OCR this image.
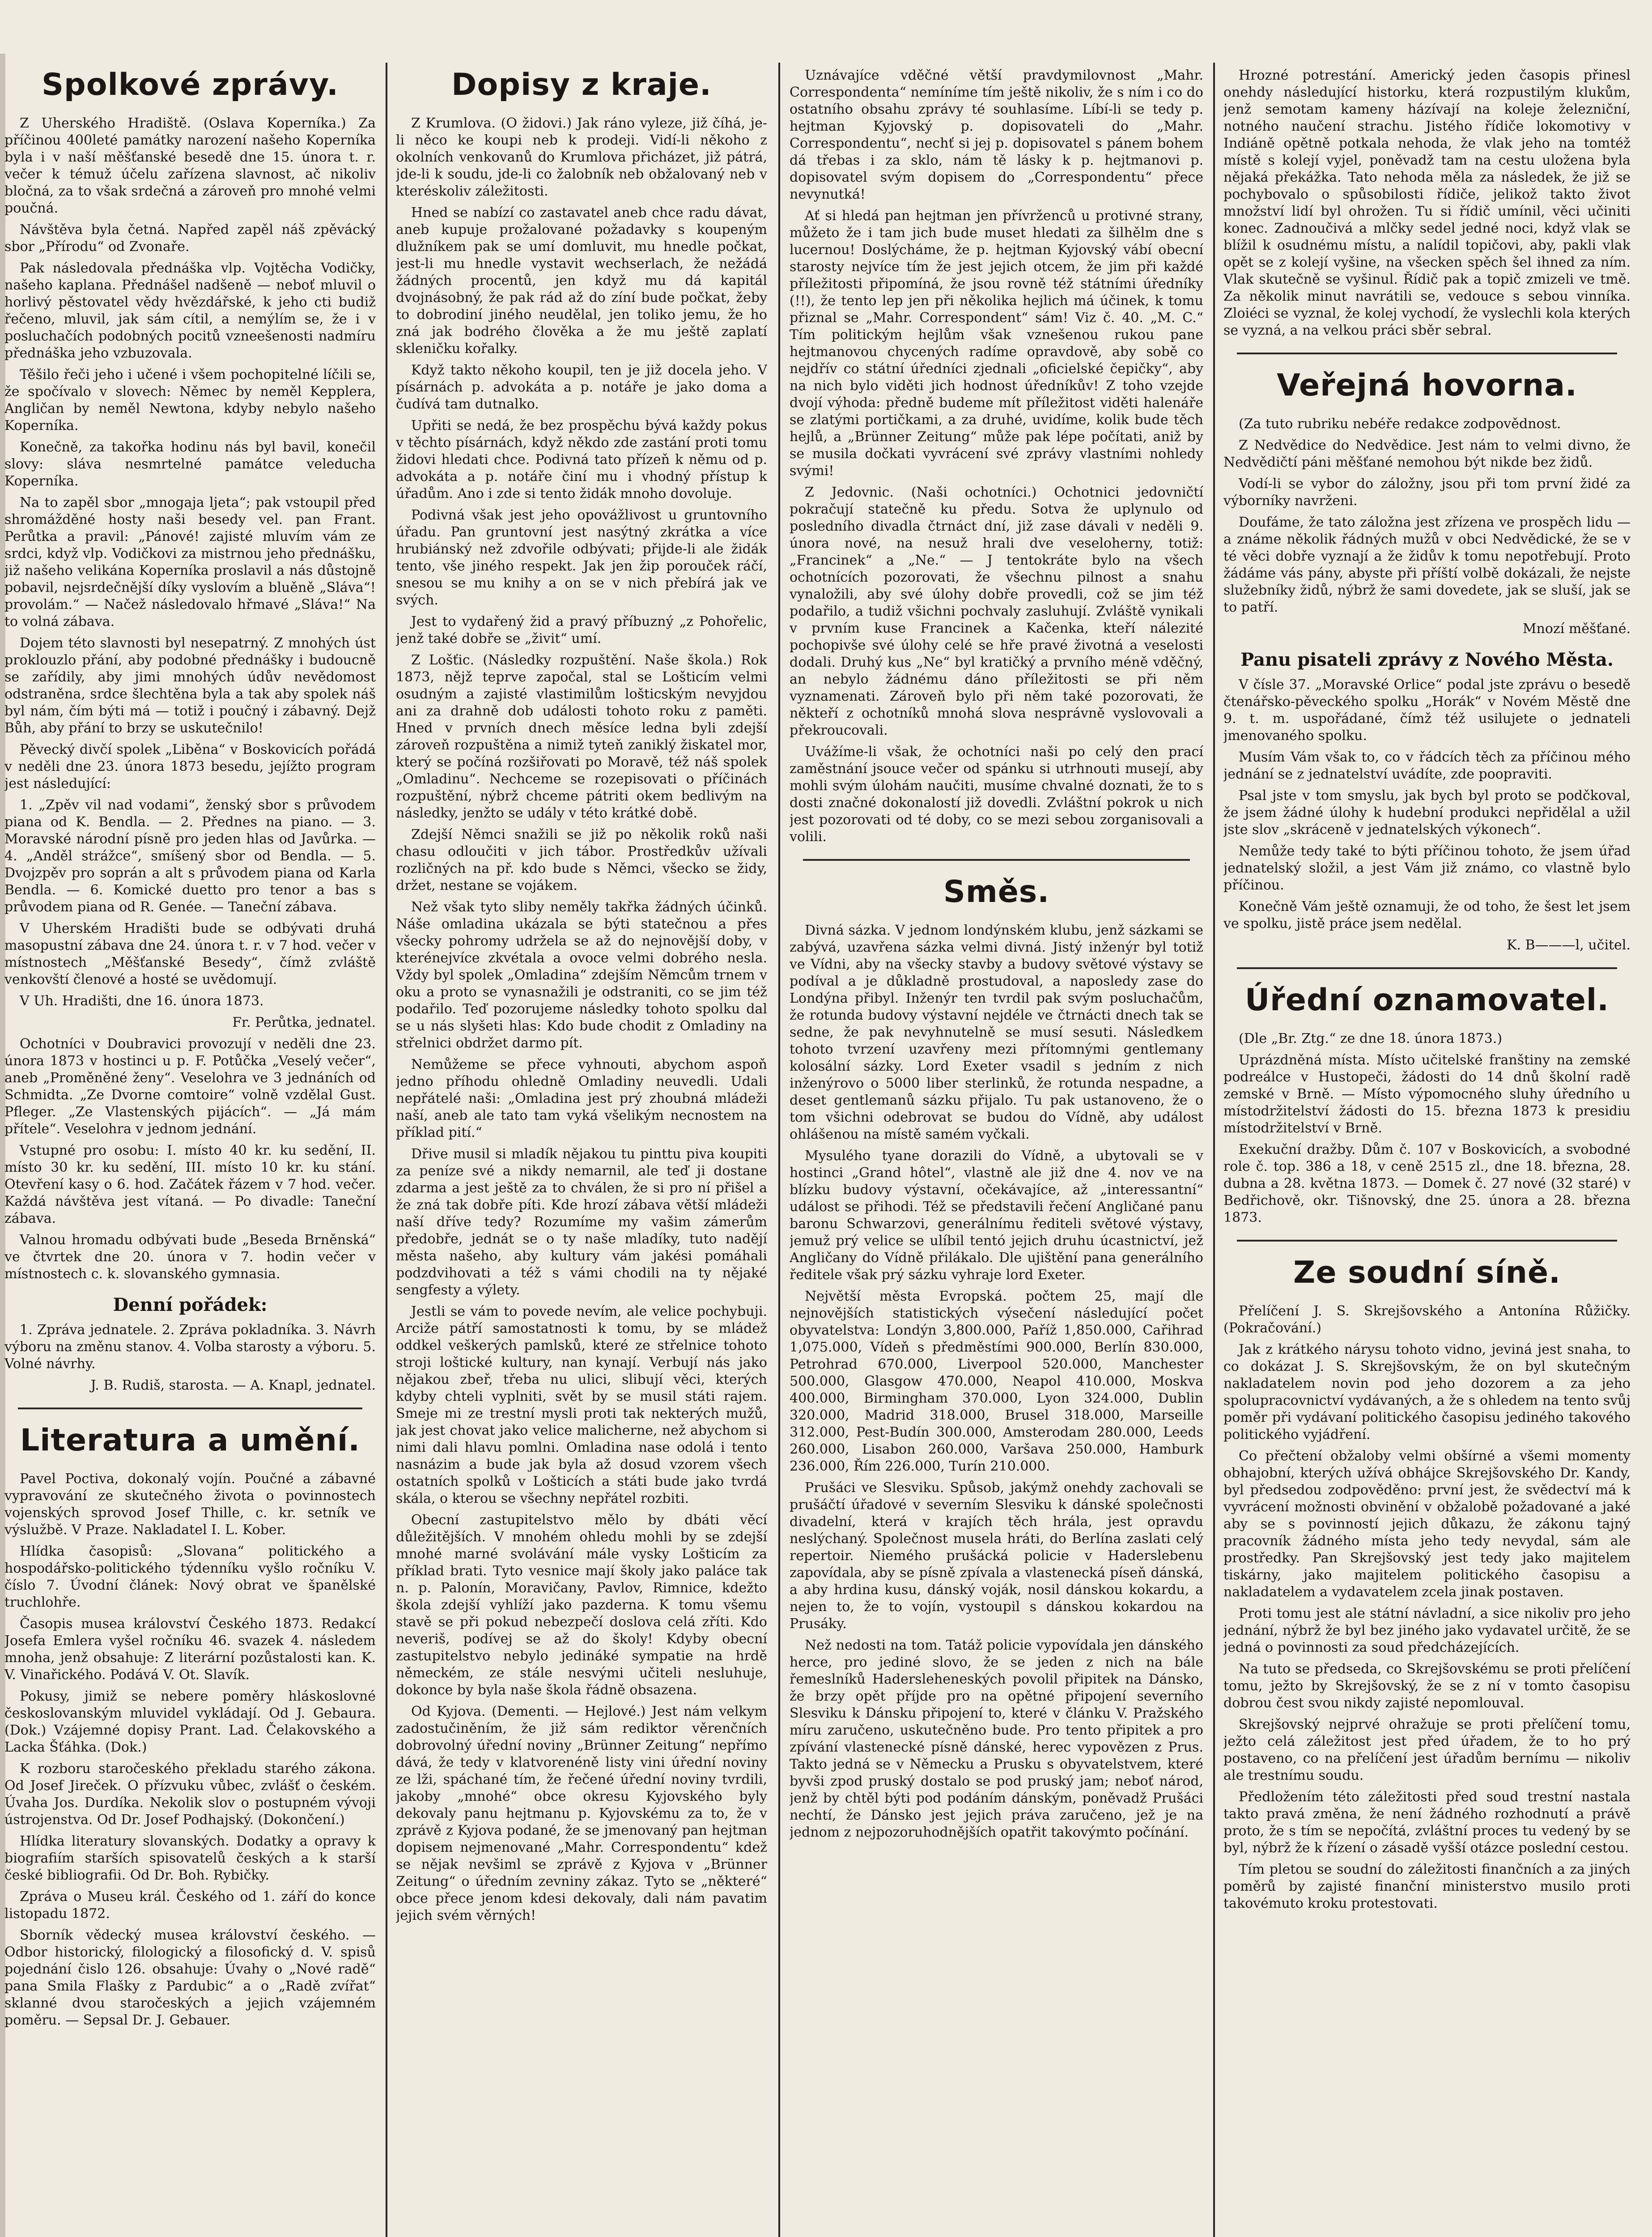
Spolkové zprávy.

Z Uherského Hradiště. (Oslava Koperníka.) Za příčinou 400leté památky narození našeho Koperníka byla i v naší měšťanské besedě dne 15. února t. r. večer k témuž účelu zařízena slavnost, ač nikoliv bločná, za to však srdečná a zároveň pro mnohé velmi poučná.

Návštěva byla četná. Napřed zapěl náš zpěvácký sbor „Přírodu“ od Zvonaře.

Pak následovala přednáška vlp. Vojtěcha Vodičky, našeho kaplana. Přednášel nadšeně — neboť mluvil o horlivý pěstovatel vědy hvězdářské, k jeho cti budiž řečeno, mluvil, jak sám cítil, a nemýlím se, že i v posluchačích podobných pocitů vzneešenosti nadmíru přednáška jeho vzbuzovala.

Těšilo řeči jeho i učené i všem pochopitelné líčili se, že spočívalo v slovech: Němec by neměl Kepplera, Angličan by neměl Newtona, kdyby nebylo našeho Koperníka.

Konečně, za takořka hodinu nás byl bavil, konečil slovy: sláva nesmrtelné památce veleducha Koperníka.

Na to zapěl sbor „mnogaja ljeta“; pak vstoupil před shromážděné hosty naši besedy vel. pan Frant. Perůtka a pravil: „Pánové! zajisté mluvím vám ze srdci, když vlp. Vodičkovi za mistrnou jeho přednášku, již našeho velikána Koperníka proslavil a nás důstojně pobavil, nejsrdečnější díky vyslovím a bluěně „Sláva“! provolám.“ — Načež následovalo hřmavé „Sláva!“ Na to volná zábava.

Dojem této slavnosti byl nesepatrný. Z mnohých úst proklouzlo přání, aby podobné přednášky i budoucně se zařídily, aby jimi mnohých údův nevědomost odstraněna, srdce šlechtěna byla a tak aby spolek náš byl nám, čím býti má — totiž i poučný i zábavný. Dejž Bůh, aby přání to brzy se uskutečnilo!

Pěvecký divčí spolek „Liběna“ v Boskovicích pořádá v neděli dne 23. února 1873 besedu, jejížto program jest následující:

1. „Zpěv vil nad vodami“, ženský sbor s průvodem piana od K. Bendla. — 2. Přednes na piano. — 3. Moravské národní písně pro jeden hlas od Javůrka. — 4. „Anděl strážce“, smíšený sbor od Bendla. — 5. Dvojzpěv pro soprán a alt s průvodem piana od Karla Bendla. — 6. Komické duetto pro tenor a bas s průvodem piana od R. Genée. — Taneční zábava.

V Uherském Hradišti bude se odbývati druhá masopustní zábava dne 24. února t. r. v 7 hod. večer v místnostech „Měšťanské Besedy“, čímž zvláště venkovští členové a hosté se uvědomují.

V Uh. Hradišti, dne 16. února 1873.

Fr. Perůtka, jednatel.

Ochotníci v Doubravici provozují v neděli dne 23. února 1873 v hostinci u p. F. Potůčka „Veselý večer“, aneb „Proměněné ženy“. Veselohra ve 3 jednáních od Schmidta. „Ze Dvorne comtoire“ volně vzdělal Gust. Pfleger. „Ze Vlastenských pijácích“. — „Já mám přítele“. Veselohra v jednom jednání.

Vstupné pro osobu: I. místo 40 kr. ku sedění, II. místo 30 kr. ku sedění, III. místo 10 kr. ku stání. Otevření kasy o 6. hod. Začátek řázem v 7 hod. večer. Každá návštěva jest vítaná. — Po divadle: Taneční zábava.

Valnou hromadu odbývati bude „Beseda Brněnská“ ve čtvrtek dne 20. února v 7. hodin večer v místnostech c. k. slovanského gymnasia.

Denní pořádek:

1. Zpráva jednatele. 2. Zpráva pokladníka. 3. Návrh výboru na změnu stanov. 4. Volba starosty a výboru. 5. Volné návrhy.

J. B. Rudiš, starosta. — A. Knapl, jednatel.
Literatura a umění.

Pavel Poctiva, dokonalý vojín. Poučné a zábavné vypravování ze skutečného života o povinnostech vojenských sprovod Josef Thille, c. kr. setník ve výslužbě. V Praze. Nakladatel I. L. Kober.

Hlídka časopisů: „Slovana“ politického a hospodářsko-politického týdenníku vyšlo ročníku V. číslo 7. Úvodní článek: Nový obrat ve španělské truchlohře.

Časopis musea království Českého 1873. Redakcí Josefa Emlera vyšel ročníku 46. svazek 4. následem mnoha, jenž obsahuje: Z literární pozůstalosti kan. K. V. Vinařického. Podává V. Ot. Slavík.

Pokusy, jimiž se nebere poměry hláskoslovné českoslovanským mluvidel vykládají. Od J. Gebaura. (Dok.) Vzájemné dopisy Prant. Lad. Čelakovského a Lacka Šťáhka. (Dok.)

K rozboru staročeského překladu starého zákona. Od Josef Jireček. O přízvuku vůbec, zvlášť o českém. Úvaha Jos. Durdíka. Nekolik slov o postupném vývoji ústrojenstva. Od Dr. Josef Podhajský. (Dokončení.)

Hlídka literatury slovanských. Dodatky a opravy k biografiím starších spisovatelů českých a k starší české bibliografii. Od Dr. Boh. Rybičky.

Zpráva o Museu král. Českého od 1. září do konce listopadu 1872.

Sborník vědecký musea království českého. — Odbor historický, filologický a filosofický d. V. spisů pojednání čislo 126. obsahuje: Úvahy o „Nové radě“ pana Smila Flašky z Pardubic“ a o „Radě zvířat“ sklanné dvou staročeských a jejich vzájemném poměru. — Sepsal Dr. J. Gebauer.

Dopisy z kraje.

Z Krumlova. (O židovi.) Jak ráno vyleze, již číhá, je-li něco ke koupi neb k prodeji. Vidí-li někoho z okolních venkovanů do Krumlova přicházet, již pátrá, jde-li k soudu, jde-li co žalobník neb obžalovaný neb v kteréskoliv záležitosti.

Hned se nabízí co zastavatel aneb chce radu dávat, aneb kupuje prožalované požadavky s koupeným dlužníkem pak se umí domluvit, mu hnedle počkat, jest-li mu hnedle vystavit wechserlach, že nežádá žádných procentů, jen když mu dá kapitál dvojnásobný, že pak rád až do zíní bude počkat, žeby to dobrodiní jiného neudělal, jen toliko jemu, že ho zná jak bodrého člověka a že mu ještě zaplatí skleničku kořalky.

Když takto někoho koupil, ten je již docela jeho. V písárnách p. advokáta a p. notáře je jako doma a čudívá tam dutnalko.

Upřiti se nedá, že bez prospěchu bývá každy pokus v těchto písárnách, když někdo zde zastání proti tomu židovi hledati chce. Podivná tato přízeň k němu od p. advokáta a p. notáře činí mu i vhodný přístup k úřadům. Ano i zde si tento židák mnoho dovoluje.

Podivná však jest jeho opovážlivost u gruntovního úřadu. Pan gruntovní jest nasýtný zkrátka a více hrubiánský než zdvořile odbývati; přijde-li ale židák tento, vše jiného respekt. Jak jen žip porouček ráčí, snesou se mu knihy a on se v nich přebírá jak ve svých.

Jest to vydařený žid a pravý příbuzný „z Pohořelic, jenž také dobře se „živit“ umí.

Z Lošťic. (Následky rozpuštění. Naše škola.) Rok 1873, nějž teprve započal, stal se Lošticím velmi osudným a zajisté vlastimilům lošticským nevyjdou ani za drahně dob události tohoto roku z paměti. Hned v prvních dnech měsíce ledna byli zdejší zároveň rozpuštěna a nimiž tyteň zaniklý žiskatel mor, který se počíná rozšiřovati po Moravě, též náš spolek „Omladinu“. Nechceme se rozepisovati o příčinách rozpuštění, nýbrž chceme pátriti okem bedlivým na následky, jenžto se udály v této krátké době.

Zdejší Němci snažili se již po několik roků naši chasu odloučiti v jich tábor. Prostředkův užívali rozličných na př. kdo bude s Němci, všecko se židy, držet, nestane se vojákem.

Než však tyto sliby neměly takřka žádných účinků. Náše omladina ukázala se býti statečnou a přes všecky pohromy udržela se až do nejnovější doby, v kterénejvíce zkvétala a ovoce velmi dobrého nesla. Vždy byl spolek „Omladina“ zdejším Němcům trnem v oku a proto se vynasnažili je odstraniti, co se jim též podařilo. Teď pozorujeme následky tohoto spolku dal se u nás slyšeti hlas: Kdo bude chodit z Omladiny na střelnici obdržet darmo pít.

Nemůžeme se přece vyhnouti, abychom aspoň jedno příhodu ohledně Omladiny neuvedli. Udali nepřátelé naši: „Omladina jest prý zhoubná mládeži naší, aneb ale tato tam vyká všelikým necnostem na příklad pití.“

Dřive musil si mladík nějakou tu pinttu piva koupiti za peníze své a nikdy nemarnil, ale teď ji dostane zdarma a jest ještě za to chválen, že si pro ní přišel a že zná tak dobře píti. Kde hrozí zábava větší mládeži naší dříve tedy? Rozumíme my vašim zámerům předobře, jednát se o ty naše mladíky, tuto nadějí města našeho, aby kultury vám jakési pomáhali podzdvihovati a též s vámi chodili na ty nějaké sengfesty a výlety.

Jestli se vám to povede nevím, ale velice pochybuji. Arciže pátří samostatnosti k tomu, by se mládež oddkel veškerých pamlsků, které ze střelnice tohoto stroji loštické kultury, nan kynají. Verbují nás jako nějakou zbeř, třeba nu ulici, slibují věci, kterých kdyby chteli vyplniti, svět by se musil státi rajem. Smeje mi ze trestní mysli proti tak nekterých mužů, jak jest chovat jako velice malicherne, než abychom si nimi dali hlavu pomlni. Omladina nase odolá i tento nasnázim a bude jak byla až dosud vzorem všech ostatních spolků v Lošticích a státi bude jako tvrdá skála, o kterou se všechny nepřátel rozbiti.

Obecní zastupitelstvo mělo by dbáti věcí důležitějších. V mnohém ohledu mohli by se zdejší mnohé marné svolávání mále vysky Lošticím za příklad brati. Tyto vesnice mají školy jako paláce tak n. p. Palonín, Moravičany, Pavlov, Rimnice, kdežto škola zdejší vyhlíží jako pazderna. K tomu všemu stavě se při pokud nebezpečí doslova celá zříti. Kdo neveriš, podívej se až do školy! Kdyby obecní zastupitelstvo nebylo jedináké sympatie na hrdě německém, ze stále nesvými učiteli nesluhuje, dokonce by byla naše škola řádně obsazena.

Od Kyjova. (Dementi. — Hejlové.) Jest nám velkym zadostučiněním, že již sám rediktor věrenčních dobrovolný úřední noviny „Brünner Zeitung“ nepřímo dává, že tedy v klatvorenéně listy vini úřední noviny ze lži, spáchané tím, že řečené úřední noviny tvrdili, jakoby „mnohé“ obce okresu Kyjovského byly dekovaly panu hejtmanu p. Kyjovskému za to, že v zprávě z Kyjova podané, že se jmenovaný pan hejtman dopisem nejmenované „Mahr. Correspondentu“ kdež se nějak nevšiml se zprávě z Kyjova v „Brünner Zeitung“ o úředním zevniny zákaz. Tyto se „některé“ obce přece jenom kdesi dekovaly, dali nám pavatim jejich svém věrných!

Uznávajíce vděčné větší pravdymilovnost „Mahr. Correspondenta“ nemíníme tím ještě nikoliv, že s ním i co do ostatního obsahu zprávy té souhlasíme. Líbí-li se tedy p. hejtman Kyjovský p. dopisovateli do „Mahr. Correspondentu“, nechť si jej p. dopisovatel s pánem bohem dá třebas i za sklo, nám tě lásky k p. hejtmanovi p. dopisovatel svým dopisem do „Correspondentu“ přece nevynutká!

Ať si hledá pan hejtman jen přívrženců u protivné strany, můžeto že i tam jich bude muset hledati za šilhělm dne s lucernou! Doslýcháme, že p. hejtman Kyjovský vábí obecní starosty nejvíce tím že jest jejich otcem, že jim při každé příležitosti připomíná, že jsou rovně též státními úředníky (!!), že tento lep jen při několika hejlich má účinek, k tomu přiznal se „Mahr. Correspondent“ sám! Viz č. 40. „M. C.“ Tím politickým hejlům však vznešenou rukou pane hejtmanovou chycených radíme opravdově, aby sobě co nejdřív co státní úředníci zjednali „oficielské čepičky“, aby na nich bylo viděti jich hodnost úředníkův! Z toho vzejde dvojí výhoda: předně budeme mít příležitost viděti halenáře se zlatými portičkami, a za druhé, uvidíme, kolik bude těch hejlů, a „Brünner Zeitung“ může pak lépe počítati, aniž by se musila dočkati vyvrácení své zprávy vlastními nohledy svými!

Z Jedovnic. (Naši ochotníci.) Ochotnici jedovničtí pokračují statečně ku předu. Sotva že uplynulo od posledního divadla čtrnáct dní, již zase dávali v neděli 9. února nové, na nesuž hrali dve veseloherny, totiž: „Francinek“ a „Ne.“ — J tentokráte bylo na všech ochotnících pozorovati, že všechnu pilnost a snahu vynaložili, aby své úlohy dobře provedli, což se jim též podařilo, a tudiž všichni pochvaly zasluhují. Zvláště vynikali v prvním kuse Francinek a Kačenka, kteří nálezité pochopivše své úlohy celé se hře pravé životná a veselosti dodali. Druhý kus „Ne“ byl kratičký a prvního méně vděčný, an nebylo žádnému dáno příležitosti se při něm vyznamenati. Zároveň bylo při něm také pozorovati, že někteří z ochotníků mnohá slova nesprávně vyslovovali a překroucovali.

Uvážíme-li však, že ochotníci naši po celý den prací zaměstnání jsouce večer od spánku si utrhnouti musejí, aby mohli svým úlohám naučiti, musíme chvalné doznati, že to s dosti značné dokonalostí již dovedli. Zvláštní pokrok u nich jest pozorovati od té doby, co se mezi sebou zorganisovali a volili.

Směs.

Divná sázka. V jednom londýnském klubu, jenž sázkami se zabývá, uzavřena sázka velmi divná. Jistý inženýr byl totiž ve Vídni, aby na všecky stavby a budovy světové výstavy se podíval a je důkladně prostudoval, a naposledy zase do Londýna přibyl. Inženýr ten tvrdil pak svým posluchačům, že rotunda budovy výstavní nejdéle ve čtrnácti dnech tak se sedne, že pak nevyhnutelně se musí sesuti. Následkem tohoto tvrzení uzavřeny mezi přítomnými gentlemany kolosální sázky. Lord Exeter vsadil s jedním z nich inženýrovo o 5000 liber sterlinků, že rotunda nespadne, a deset gentlemanů sázku přijalo. Tu pak ustanoveno, že o tom všichni odebrovat se budou do Vídně, aby událost ohlášenou na místě samém vyčkali.

Mysulého tyane dorazili do Vídně, a ubytovali se v hostinci „Grand hôtel“, vlastně ale již dne 4. nov ve na blízku budovy výstavní, očekávajíce, až „interessantní“ událost se přihodi. Též se představili řečení Angličané panu baronu Schwarzovi, generálnímu řediteli světové výstavy, jemuž prý velice se ulíbil tentó jejich druhu úcastnictví, jež Angličany do Vídně přilákalo. Dle ujištění pana generálního ředitele však prý sázku vyhraje lord Exeter.

Největší města Evropská. počtem 25, mají dle nejnovějších statistických výsečení následující počet obyvatelstva: Londýn 3,800.000, Paříž 1,850.000, Cařihrad 1,075.000, Vídeň s předměstími 900.000, Berlín 830.000, Petrohrad 670.000, Liverpool 520.000, Manchester 500.000, Glasgow 470.000, Neapol 410.000, Moskva 400.000, Birmingham 370.000, Lyon 324.000, Dublin 320.000, Madrid 318.000, Brusel 318.000, Marseille 312.000, Pest-Budín 300.000, Amsterodam 280.000, Leeds 260.000, Lisabon 260.000, Varšava 250.000, Hamburk 236.000, Řím 226.000, Turín 210.000.

Prušáci ve Slesviku. Spůsob, jakýmž onehdy zachovali se prušáčtí úřadové v severním Slesviku k dánské společnosti divadelní, která v krajích těch hrála, jest opravdu neslýchaný. Společnost musela hráti, do Berlína zaslati celý repertoir. Niemého prušácká policie v Haderslebenu zapovídala, aby se písně zpívala a vlastenecká píseň dánská, a aby hrdina kusu, dánský voják, nosil dánskou kokardu, a nejen to, že to vojín, vystoupil s dánskou kokardou na Prusáky.

Než nedosti na tom. Tatáž policie vypovídala jen dánského herce, pro jediné slovo, že se jeden z nich na bále řemeslníků Hadersleheneských povolil připitek na Dánsko, že brzy opět příjde pro na opětné připojení severního Slesviku k Dánsku připojení to, které v článku V. Pražského míru zaručeno, uskutečněno bude. Pro tento připitek a pro zpívání vlastenecké písně dánské, herec vypovězen z Prus. Takto jedná se v Německu a Prusku s obyvatelstvem, které byvši zpod pruský dostalo se pod pruský jam; neboť národ, jenž by chtěl býti pod podáním dánským, poněvadž Prušáci nechtí, že Dánsko jest jejich práva zaručeno, jež je na jednom z nejpozoruhodnějších opatřit takovýmto počínání.

Hrozné potrestání. Americký jeden časopis přinesl onehdy následující historku, která rozpustilým klukům, jenž semotam kameny házívají na koleje železniční, notného naučení strachu. Jistého řídiče lokomotivy v Indiáně opětně potkala nehoda, že vlak jeho na tomtéž místě s kolejí vyjel, poněvadž tam na cestu uložena byla nějaká překážka. Tato nehoda měla za následek, že již se pochybovalo o spůsobilosti řídiče, jelikož takto život množství lidí byl ohrožen. Tu si řídič umínil, věci učiniti konec. Zadnoučivá a mlčky sedel jedné noci, když vlak se blížil k osudnému místu, a nalídil topičovi, aby, pakli vlak opět se z kolejí vyšine, na všecken spěch šel ihned za ním. Vlak skutečně se vyšinul. Řídič pak a topič zmizeli ve tmě. Za několik minut navrátili se, vedouce s sebou vinníka. Zloiéci se vyznal, že kolej vychodí, že vyslechli kola kterých se vyzná, a na velkou práci sběr sebral.

Veřejná hovorna.

(Za tuto rubriku nebéře redakce zodpovědnost.

Z Nedvědice do Nedvědice. Jest nám to velmi divno, že Nedvědičtí páni měšťané nemohou být nikde bez židů.

Vodí-li se vybor do záložny, jsou při tom první židé za výborníky navrženi.

Doufáme, že tato záložna jest zřízena ve prospěch lidu — a známe několik řádných mužů v obci Nedvědické, že se v té věci dobře vyznají a že židův k tomu nepotřebují. Proto žádáme vás pány, abyste při příští volbě dokázali, že nejste služebníky židů, nýbrž že sami dovedete, jak se sluší, jak se to patří.

Mnozí měšťané.
Panu pisateli zprávy z Nového Města.

V čísle 37. „Moravské Orlice“ podal jste zprávu o besedě čtenářsko-pěveckého spolku „Horák“ v Novém Městě dne 9. t. m. uspořádané, čímž též usilujete o jednateli jmenovaného spolku.

Musím Vám však to, co v řádcích těch za příčinou mého jednání se z jednatelství uvádíte, zde poopraviti.

Psal jste v tom smyslu, jak bych byl proto se podčkoval, že jsem žádné úlohy k hudební produkci nepřidělal a užil jste slov „skráceně v jednatelských výkonech“.

Nemůže tedy také to býti příčinou tohoto, že jsem úřad jednatelský složil, a jest Vám již známo, co vlastně bylo příčinou.

Konečně Vám ještě oznamuji, že od toho, že šest let jsem ve spolku, jistě práce jsem nedělal.

K. B———l, učitel.
Úřední oznamovatel.

(Dle „Br. Ztg.“ ze dne 18. února 1873.)

Uprázdněná místa. Místo učitelské franštiny na zemské podreálce v Hustopeči, žádosti do 14 dnů školní radě zemské v Brně. — Místo výpomocného sluhy úředního u místodržitelství žádosti do 15. března 1873 k presidiu místodržitelství v Brně.

Exekuční dražby. Dům č. 107 v Boskovicích, a svobodné role č. top. 386 a 18, v ceně 2515 zl., dne 18. března, 28. dubna a 28. května 1873. — Domek č. 27 nové (32 staré) v Bedřichově, okr. Tišnovský, dne 25. února a 28. března 1873.

Ze soudní síně.

Přelíčení J. S. Skrejšovského a Antonína Růžičky. (Pokračování.)

Jak z krátkého nárysu tohoto vidno, jeviná jest snaha, to co dokázat J. S. Skrejšovským, že on byl skutečným nakladatelem novin pod jeho dozorem a za jeho spolupracovnictví vydávaných, a že s ohledem na tento svůj poměr při vydávaní politického časopisu jediného takového politického vyjádření.

Co přečtení obžaloby velmi obšírné a všemi momenty obhajobní, kterých užívá obhájce Skrejšovského Dr. Kandy, byl předsedou zodpověděno: první jest, že svědectví má k vyvrácení možnosti obvinění v obžalobě požadované a jaké aby se s povinností jejich důkazu, že zákonu tajný pracovník žádného místa jeho tedy nevydal, sám ale prostředky. Pan Skrejšovský jest tedy jako majitelem tiskárny, jako majitelem politického časopisu a nakladatelem a vydavatelem zcela jinak postaven.

Proti tomu jest ale státní návladní, a sice nikoliv pro jeho jednání, nýbrž že byl bez jiného jako vydavatel určitě, že se jedná o povinnosti za soud předcházejících.

Na tuto se předseda, co Skrejšovskému se proti přelíčení tomu, ježto by Skrejšovský, že se z ní v tomto časopisu dobrou čest svou nikdy zajisté nepomlouval.

Skrejšovský nejprvé ohražuje se proti přelíčení tomu, ježto celá záležitost jest před úřadem, že to ho prý postaveno, co na přelíčení jest úřadům bernímu — nikoliv ale trestnímu soudu.

Předložením této záležitosti před soud trestní nastala takto pravá změna, že není žádného rozhodnutí a právě proto, že s tím se nepočítá, zvláštní proces tu vedený by se byl, nýbrž že k řízení o zásadě vyšší otázce poslední cestou.

Tím pletou se soudní do záležitosti finančních a za jiných poměrů by zajisté finanční ministerstvo musilo proti takovémuto kroku protestovati.
